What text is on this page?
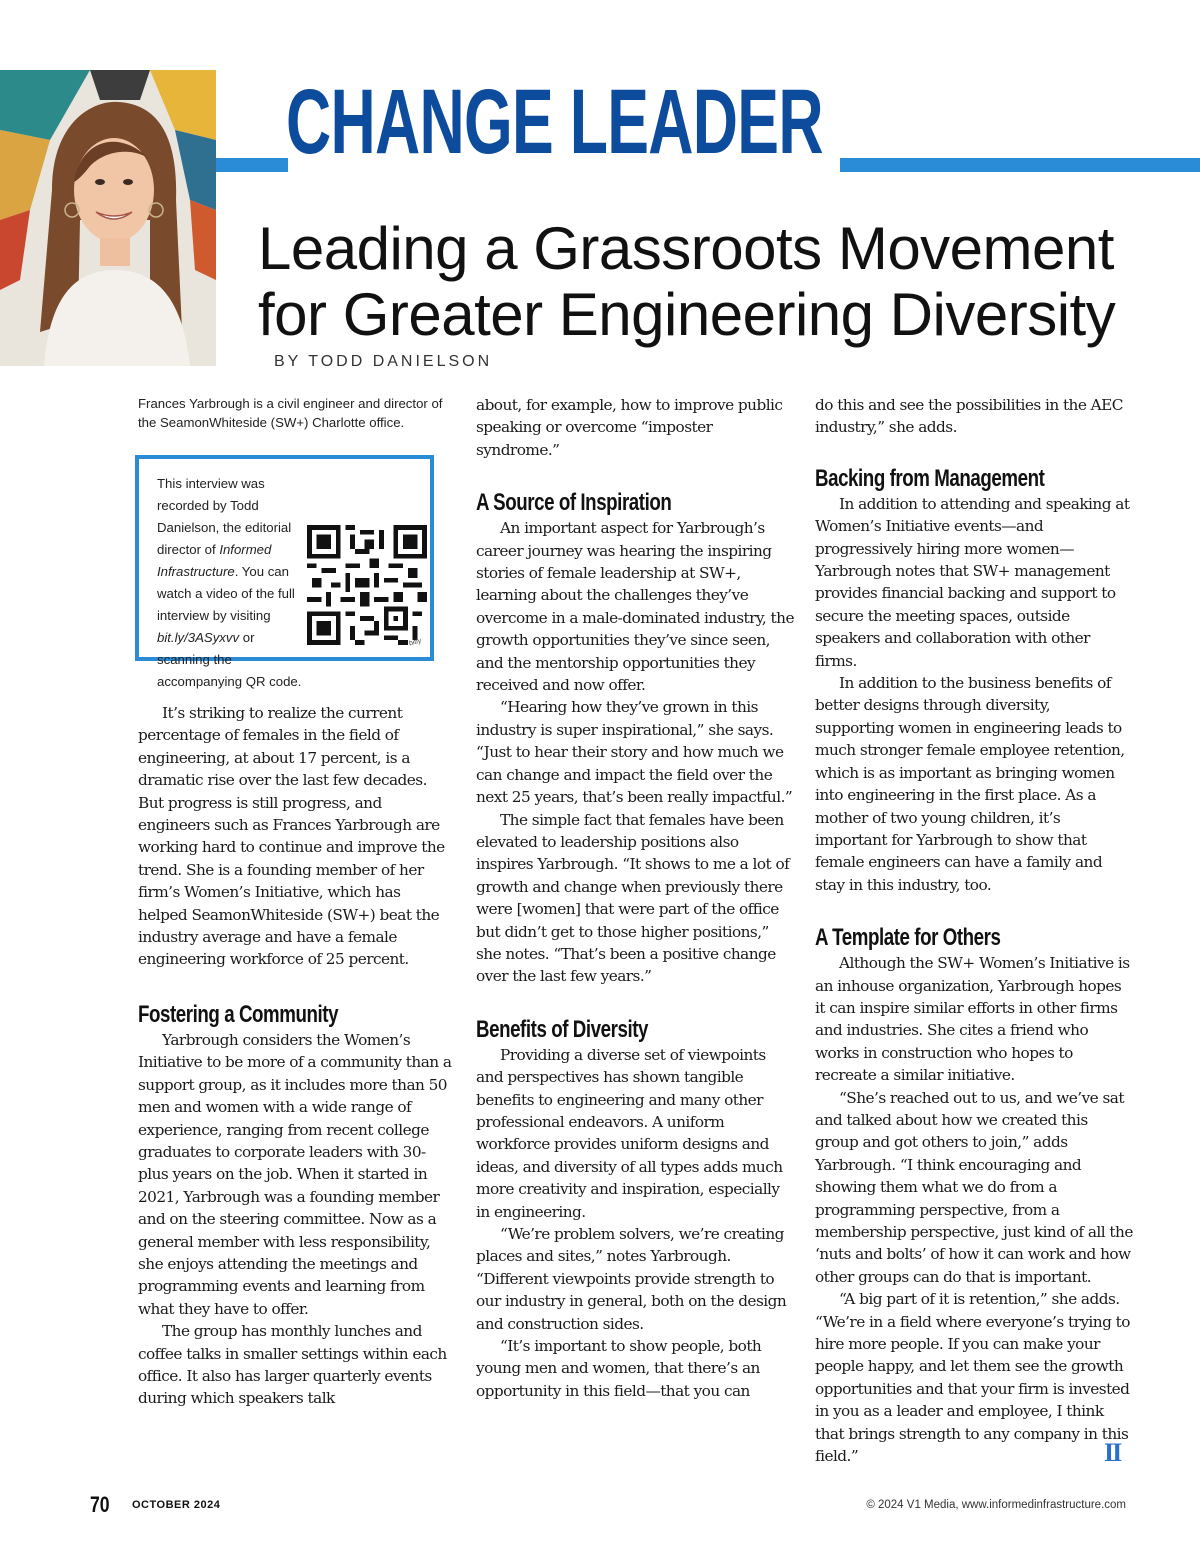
CHANGE LEADER
Leading a Grassroots Movement
for Greater Engineering Diversity
BY TODD DANIELSON
Frances Yarbrough is a civil engineer and director of the SeamonWhiteside (SW+) Charlotte office.
This interview was recorded by Todd Danielson, the editorial director of Informed Infrastructure. You can watch a video of the full interview by visiting bit.ly/3ASyxvv or scanning the accompanying QR code.
bitly

It’s striking to realize the current percentage of females in the field of engineering, at about 17 percent, is a dramatic rise over the last few decades. But progress is still progress, and engineers such as Frances Yarbrough are working hard to continue and improve the trend. She is a founding member of her firm’s Women’s Initiative, which has helped SeamonWhiteside (SW+) beat the industry average and have a female engineering workforce of 25 percent.

Fostering a Community

Yarbrough considers the Women’s Initiative to be more of a community than a support group, as it includes more than 50 men and women with a wide range of experience, ranging from recent college graduates to corporate leaders with 30-plus years on the job. When it started in 2021, Yarbrough was a founding member and on the steering committee. Now as a general member with less responsibility, she enjoys attending the meetings and programming events and learning from what they have to offer.

The group has monthly lunches and coffee talks in smaller settings within each office. It also has larger quarterly events during which speakers talk

about, for example, how to improve public speaking or overcome “imposter syndrome.”

A Source of Inspiration

An important aspect for Yarbrough’s career journey was hearing the inspiring stories of female leadership at SW+, learning about the challenges they’ve overcome in a male-dominated industry, the growth opportunities they’ve since seen, and the mentorship opportunities they received and now offer.

“Hearing how they’ve grown in this industry is super inspirational,” she says. “Just to hear their story and how much we can change and impact the field over the next 25 years, that’s been really impactful.”

The simple fact that females have been elevated to leadership positions also inspires Yarbrough. “It shows to me a lot of growth and change when previously there were [women] that were part of the office but didn’t get to those higher positions,” she notes. “That’s been a positive change over the last few years.”

Benefits of Diversity

Providing a diverse set of viewpoints and perspectives has shown tangible benefits to engineering and many other professional endeavors. A uniform workforce provides uniform designs and ideas, and diversity of all types adds much more creativity and inspiration, especially in engineering.

“We’re problem solvers, we’re creating places and sites,” notes Yarbrough. “Different viewpoints provide strength to our industry in general, both on the design and construction sides.

“It’s important to show people, both young men and women, that there’s an opportunity in this field—that you can

do this and see the possibilities in the AEC industry,” she adds.

Backing from Management

In addition to attending and speaking at Women’s Initiative events—and progressively hiring more women—Yarbrough notes that SW+ management provides financial backing and support to secure the meeting spaces, outside speakers and collaboration with other firms.

In addition to the business benefits of better designs through diversity, supporting women in engineering leads to much stronger female employee retention, which is as important as bringing women into engineering in the first place. As a mother of two young children, it’s important for Yarbrough to show that female engineers can have a family and stay in this industry, too.

A Template for Others

Although the SW+ Women’s Initiative is an inhouse organization, Yarbrough hopes it can inspire similar efforts in other firms and industries. She cites a friend who works in construction who hopes to recreate a similar initiative.

“She’s reached out to us, and we’ve sat and talked about how we created this group and got others to join,” adds Yarbrough. “I think encouraging and showing them what we do from a programming perspective, from a membership perspective, just kind of all the ‘nuts and bolts’ of how it can work and how other groups can do that is important.

“A big part of it is retention,” she adds. “We’re in a field where everyone’s trying to hire more people. If you can make your people happy, and let them see the growth opportunities and that your firm is invested in you as a leader and employee, I think that brings strength to any company in this field.”	II
70 OCTOBER 2024	© 2024 V1 Media, www.informedinfrastructure.com
